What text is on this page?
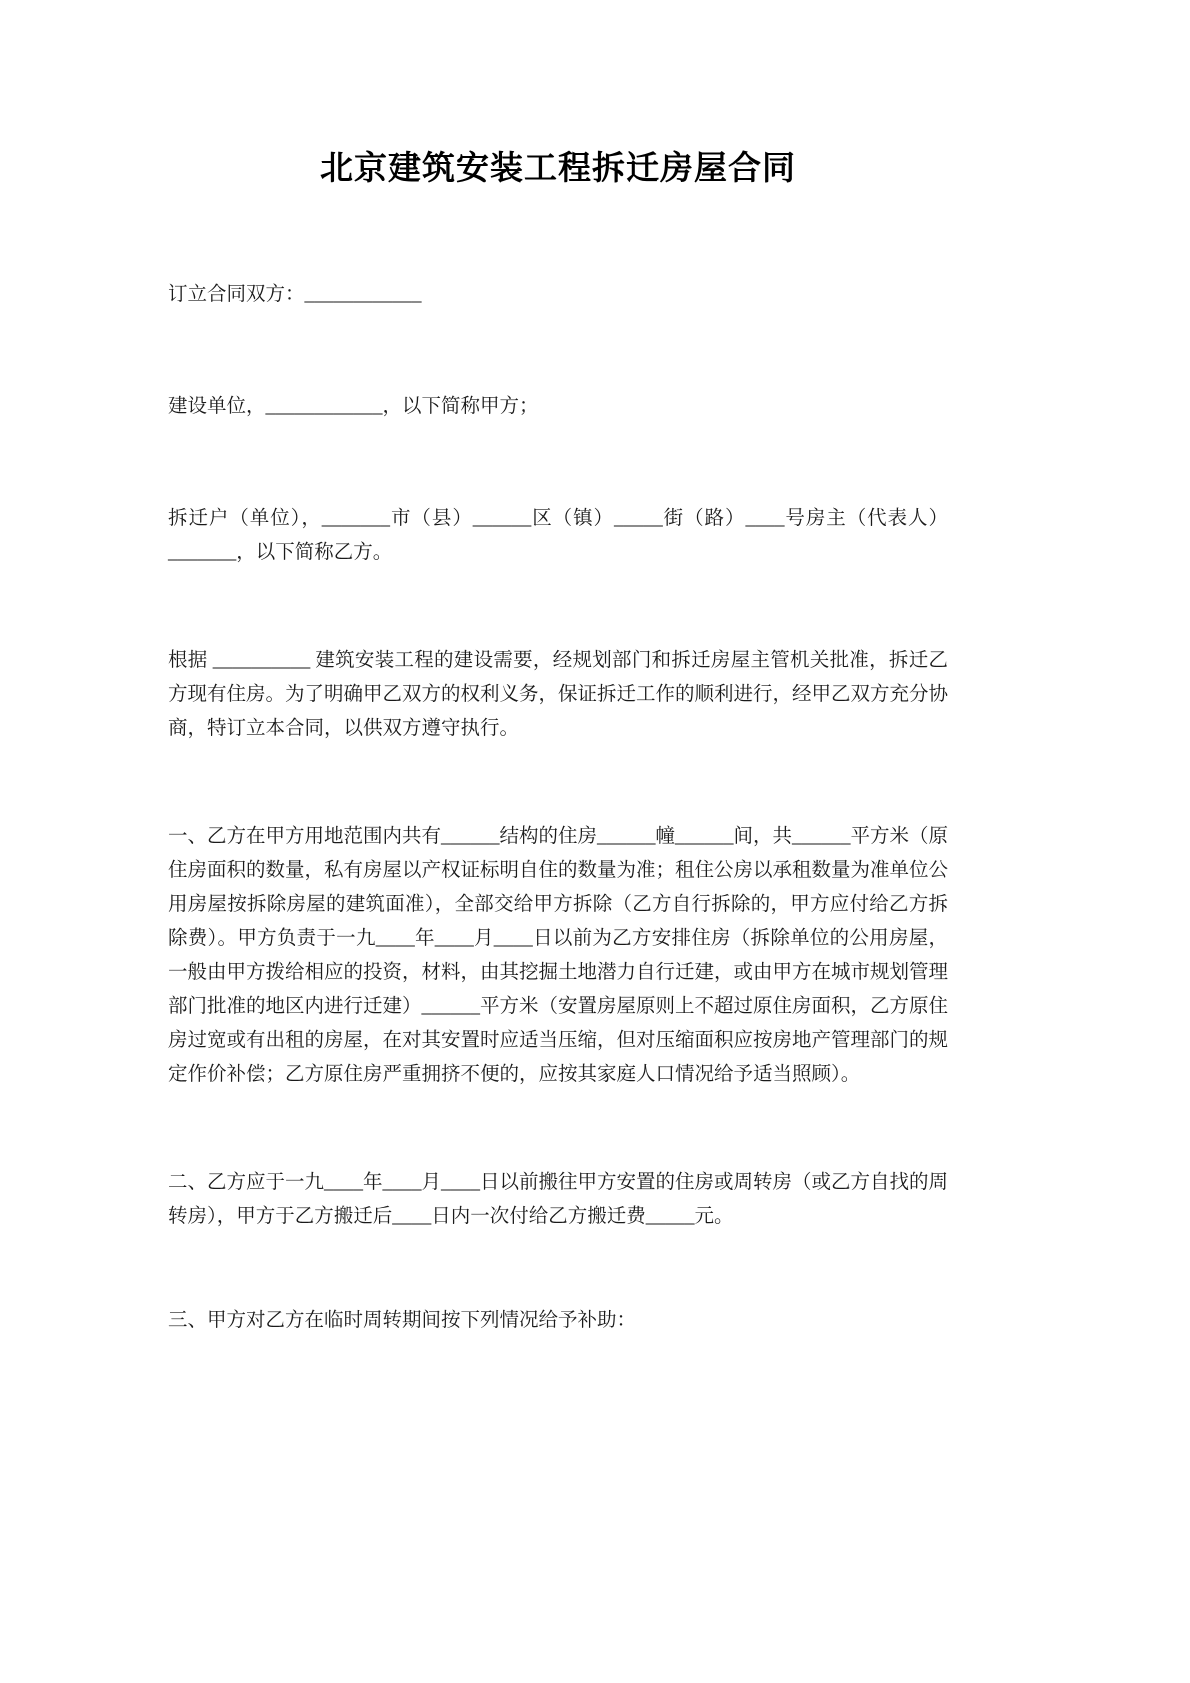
北京建筑安装工程拆迁房屋合同

订立合同双方：____________

建设单位，____________，以下简称甲方；

拆迁户（单位），_______市（县）______区（镇）_____街（路）____号房主（代表人）_______，以下简称乙方。

根据 __________ 建筑安装工程的建设需要，经规划部门和拆迁房屋主管机关批准，拆迁乙方现有住房。为了明确甲乙双方的权利义务，保证拆迁工作的顺利进行，经甲乙双方充分协商，特订立本合同，以供双方遵守执行。

一、乙方在甲方用地范围内共有______结构的住房______幢______间，共______平方米（原住房面积的数量，私有房屋以产权证标明自住的数量为准；租住公房以承租数量为准单位公用房屋按拆除房屋的建筑面准），全部交给甲方拆除（乙方自行拆除的，甲方应付给乙方拆除费）。甲方负责于一九____年____月____日以前为乙方安排住房（拆除单位的公用房屋，一般由甲方拨给相应的投资，材料，由其挖掘土地潜力自行迁建，或由甲方在城市规划管理部门批准的地区内进行迁建）______平方米（安置房屋原则上不超过原住房面积，乙方原住房过宽或有出租的房屋，在对其安置时应适当压缩，但对压缩面积应按房地产管理部门的规定作价补偿；乙方原住房严重拥挤不便的，应按其家庭人口情况给予适当照顾）。

二、乙方应于一九____年____月____日以前搬往甲方安置的住房或周转房（或乙方自找的周转房），甲方于乙方搬迁后____日内一次付给乙方搬迁费_____元。

三、甲方对乙方在临时周转期间按下列情况给予补助：
